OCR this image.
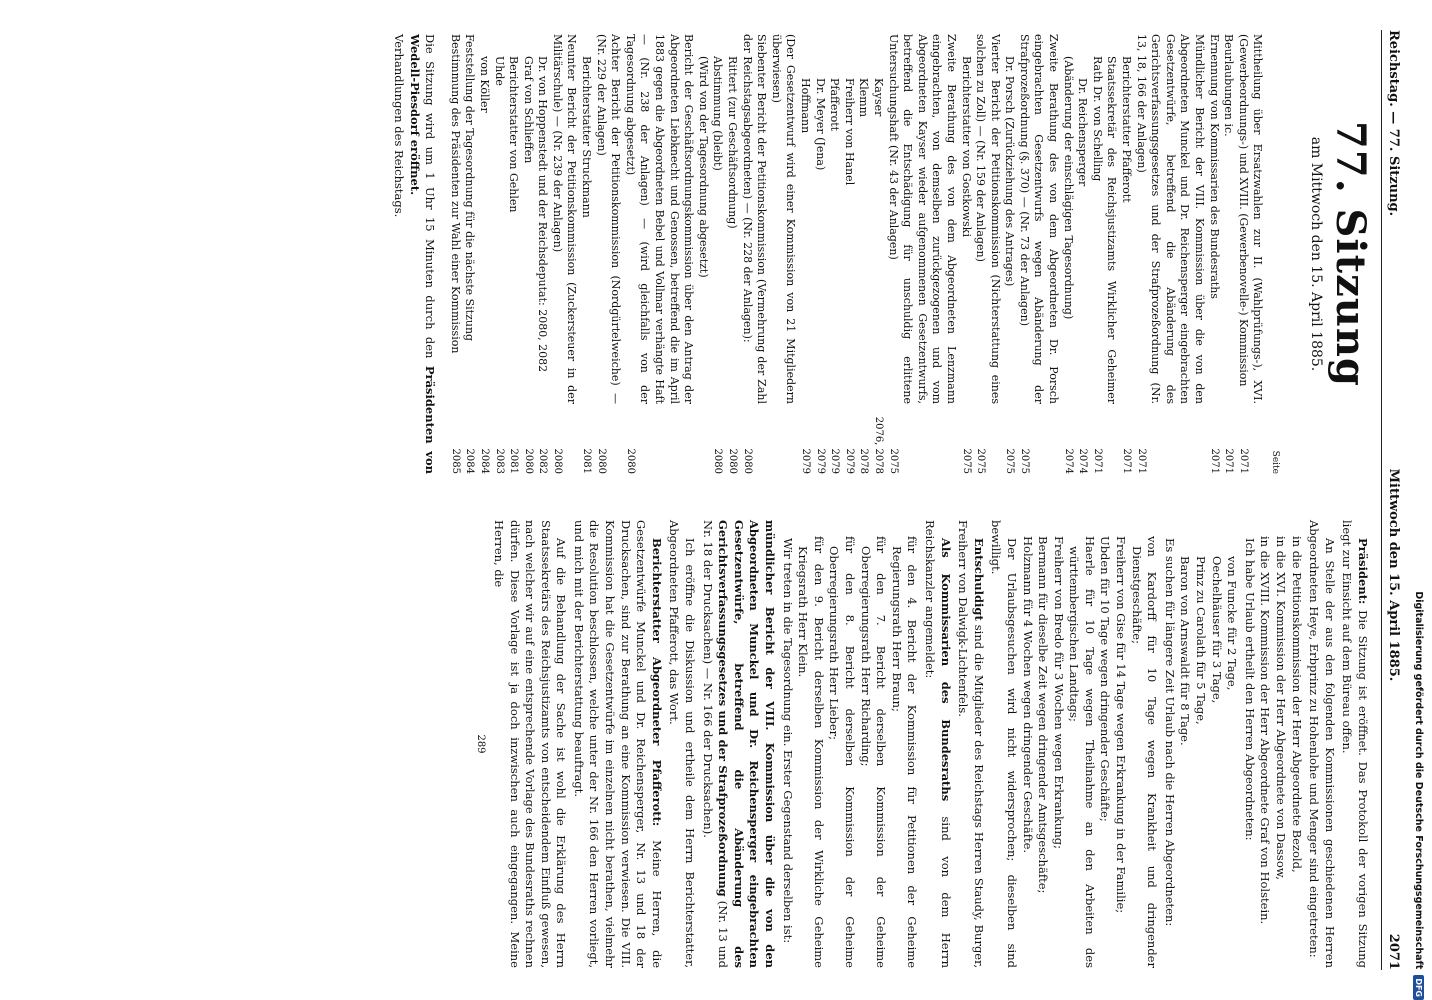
Reichstag. — 77. Sitzung.
Mittwoch den 15. April 1885.
2071
77. Sitzung
am Mittwoch den 15. April 1885.
Seite
Mittheilung über Ersatzwahlen zur II. (Wahlprüfungs-), XVI. (Gewerbeordnungs-) und XVIII. (Gewerbenovelle-) Kommission
2071
Beurlaubungen ic.
2071
Ernennung von Kommissarien des Bundesraths
2071
Mündlicher Bericht der VIII. Kommission über die von den Abgeordneten Munckel und Dr. Reichensperger eingebrachten Gesetzentwürfe, betreffend die Abänderung des Gerichtsverfassungsgesetzes und der Strafprozeßordnung (Nr. 13, 18, 166 der Anlagen)
2071
Berichterstatter Pfafferott
2071
Staatssekretär des Reichsjustizamts Wirklicher Geheimer Rath Dr. von Schelling
2071
Dr. Reichensperger
2074
(Abänderung der einschlägigen Tagesordnung)
2074
Zweite Berathung des von dem Abgeordneten Dr. Porsch eingebrachten Gesetzentwurfs wegen Abänderung der Strafprozeßordnung (§. 370) — (Nr. 73 der Anlagen)
2075
Dr. Porsch (Zurückziehung des Antrages)
2075
Vierter Bericht der Petitionskommission (Nichterstattung eines solchen zu Zoll) — (Nr. 159 der Anlagen)
2075
Berichterstatter von Gostkowski
2075
Zweite Berathung des von dem Abgeordneten Lenzmann eingebrachten, von demselben zurückgezogenen und vom Abgeordneten Kayser wieder aufgenommenen Gesetzentwurfs, betreffend die Entschädigung für unschuldig erlittene Untersuchungshaft (Nr. 43 der Anlagen)
2075
Kayser
2076, 2078
Klemm
2078
Freiherr von Hanel
2079
Pfafferott
2079
Dr. Meyer (Jena)
2079
Hoffmann
2079
(Der Gesetzentwurf wird einer Kommission von 21 Mitgliedern überwiesen)
Siebenter Bericht der Petitionskommission (Vermehrung der Zahl der Reichstagsabgeordneten) — (Nr. 228 der Anlagen):
2080
Rittert (zur Geschäftsordnung)
2080
Abstimmung (bleibt)
2080
(Wird von der Tagesordnung abgesetzt)
Bericht der Geschäftsordnungskommission über den Antrag der Abgeordneten Liebknecht und Genossen, betreffend die im April 1883 gegen die Abgeordneten Bebel und Vollmar verhängte Haft — (Nr. 238 der Anlagen) — (wird gleichfalls von der Tagesordnung abgesetzt)
2080
Achter Bericht der Petitionskommission (Nordgürtelweiche) — (Nr. 229 der Anlagen)
2080
Berichterstatter Struckmann
2081
Neunter Bericht der Petitionskommission (Zuckersteuer in der Militärschule) — (Nr. 239 der Anlagen)
2080
Dr. von Hoppenstedt und der Reichsdeputat: 2080, 2082
2082
Graf von Schlieffen
2080
Berichterstatter von Gehlen
2081
Uhde
2083
von Köller
2084
Feststellung der Tagesordnung für die nächste Sitzung
2084
Bestimmung des Präsidenten zur Wahl einer Kommission
2085
Die Sitzung wird um 1 Uhr 15 Minuten durch den Präsidenten von Wedell-Piesdorf eröffnet.
Verhandlungen des Reichstags.

Präsident: Die Sitzung ist eröffnet. Das Protokoll der vorigen Sitzung liegt zur Einsicht auf dem Büreau offen.

An Stelle der aus den folgenden Kommissionen geschiedenen Herren Abgeordneten Heye, Erbprinz zu Hohenlohe und Menger sind eingetreten:

in die Petitionskommission der Herr Abgeordnete Bezold,
in die XVI. Kommission der Herr Abgeordnete von Dassow,
in die XVIII. Kommission der Herr Abgeordnete Graf von Holstein.

Ich habe Urlaub ertheilt den Herren Abgeordneten:

von Funcke für 2 Tage,
Oechelhäuser für 3 Tage,
Prinz zu Carolath für 5 Tage,
Baron von Arnswaldt für 8 Tage.

Es suchen für längere Zeit Urlaub nach die Herren Abgeordneten:

von Kardorff für 10 Tage wegen Krankheit und dringender Dienstgeschäfte;
Freiherr von Gise für 14 Tage wegen Erkrankung in der Familie;
Ubden für 10 Tage wegen dringender Geschäfte;
Haerle für 10 Tage wegen Theilnahme an den Arbeiten des württembergischen Landtags;
Freiherr von Bredo für 3 Wochen wegen Erkrankung;
Bermann für dieselbe Zeit wegen dringender Amtsgeschäfte;
Holzmann für 4 Wochen wegen dringender Geschäfte.

Der Urlaubsgesuchen wird nicht widersprochen; dieselben sind bewilligt.

Entschuldigt sind die Mitglieder des Reichstags Herren Staudy, Burger, Freiherr von Dalwigk-Lichtenfels.

Als Kommissarien des Bundesraths sind von dem Herrn Reichskanzler angemeldet:

für den 4. Bericht der Kommission für Petitionen der Geheime Regierungsrath Herr Braun;
für den 7. Bericht derselben Kommission der Geheime Oberregierungsrath Herr Richarding;
für den 8. Bericht derselben Kommission der Geheime Oberregierungsrath Herr Lieber;
für den 9. Bericht derselben Kommission der Wirkliche Geheime Kriegsrath Herr Klein.

Wir treten in die Tagesordnung ein. Erster Gegenstand derselben ist:

mündlicher Bericht der VIII. Kommission über die von den Abgeordneten Munckel und Dr. Reichensperger eingebrachten Gesetzentwürfe, betreffend die Abänderung des Gerichtsverfassungsgesetzes und der Strafprozeßordnung (Nr. 13 und Nr. 18 der Drucksachen) — Nr. 166 der Drucksachen).

Ich eröffne die Diskussion und ertheile dem Herrn Berichterstatter, Abgeordneten Pfafferott, das Wort.

Berichterstatter Abgeordneter Pfafferott: Meine Herren, die Gesetzentwürfe Munckel und Dr. Reichensperger, Nr. 13 und 18 der Drucksachen, sind zur Berathung an eine Kommission verwiesen. Die VIII. Kommission hat die Gesetzentwürfe im einzelnen nicht berathen, vielmehr die Resolution beschlossen, welche unter der Nr. 166 den Herren vorliegt, und mich mit der Berichterstattung beauftragt.

Auf die Behandlung der Sache ist wohl die Erklärung des Herrn Staatssekretärs des Reichsjustizamts von entscheidendem Einfluß gewesen, nach welcher wir auf eine entsprechende Vorlage des Bundesraths rechnen dürfen. Diese Vorlage ist ja doch inzwischen auch eingegangen. Meine Herren, die

289	Digitalisierung gefördert durch die Deutsche Forschungsgemeinschaft
DFG
